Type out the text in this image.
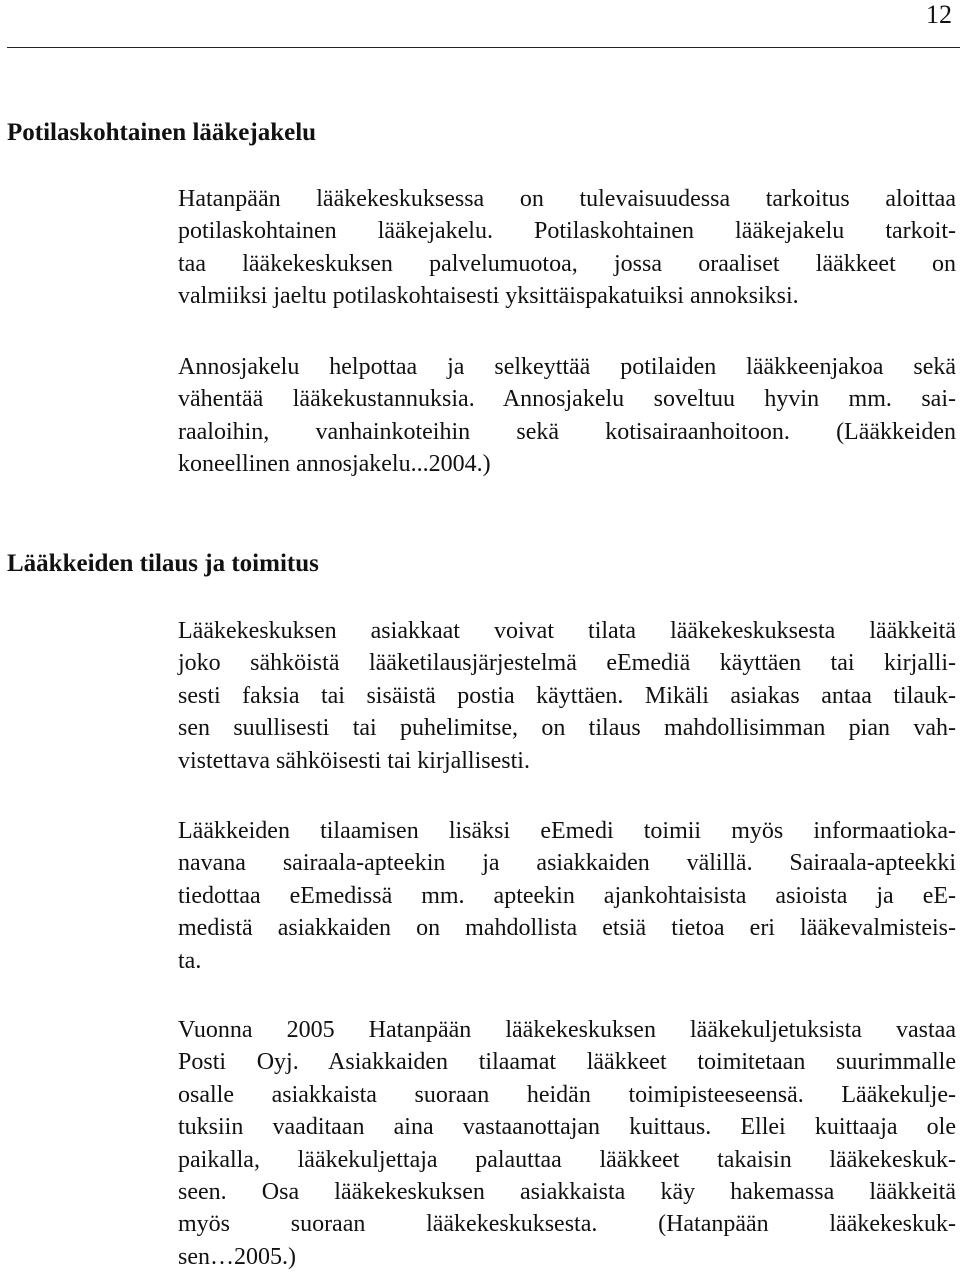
12
Potilaskohtainen lääkejakelu
Hatanpään lääkekeskuksessa on tulevaisuudessa tarkoitus aloittaa
potilaskohtainen lääkejakelu. Potilaskohtainen lääkejakelu tarkoit-
taa lääkekeskuksen palvelumuotoa, jossa oraaliset lääkkeet on
valmiiksi jaeltu potilaskohtaisesti yksittäispakatuiksi annoksiksi.
Annosjakelu helpottaa ja selkeyttää potilaiden lääkkeenjakoa sekä
vähentää lääkekustannuksia. Annosjakelu soveltuu hyvin mm. sai-
raaloihin, vanhainkoteihin sekä kotisairaanhoitoon. (Lääkkeiden
koneellinen annosjakelu...2004.)
Lääkkeiden tilaus ja toimitus
Lääkekeskuksen asiakkaat voivat tilata lääkekeskuksesta lääkkeitä
joko sähköistä lääketilausjärjestelmä eEmediä käyttäen tai kirjalli-
sesti faksia tai sisäistä postia käyttäen. Mikäli asiakas antaa tilauk-
sen suullisesti tai puhelimitse, on tilaus mahdollisimman pian vah-
vistettava sähköisesti tai kirjallisesti.
Lääkkeiden tilaamisen lisäksi eEmedi toimii myös informaatioka-
navana sairaala-apteekin ja asiakkaiden välillä. Sairaala-apteekki
tiedottaa eEmedissä mm. apteekin ajankohtaisista asioista ja eE-
medistä asiakkaiden on mahdollista etsiä tietoa eri lääkevalmisteis-
ta.
Vuonna 2005 Hatanpään lääkekeskuksen lääkekuljetuksista vastaa
Posti Oyj. Asiakkaiden tilaamat lääkkeet toimitetaan suurimmalle
osalle asiakkaista suoraan heidän toimipisteeseensä. Lääkekulje-
tuksiin vaaditaan aina vastaanottajan kuittaus. Ellei kuittaaja ole
paikalla, lääkekuljettaja palauttaa lääkkeet takaisin lääkekeskuk-
seen. Osa lääkekeskuksen asiakkaista käy hakemassa lääkkeitä
myös suoraan lääkekeskuksesta. (Hatanpään lääkekeskuk-
sen…2005.)
